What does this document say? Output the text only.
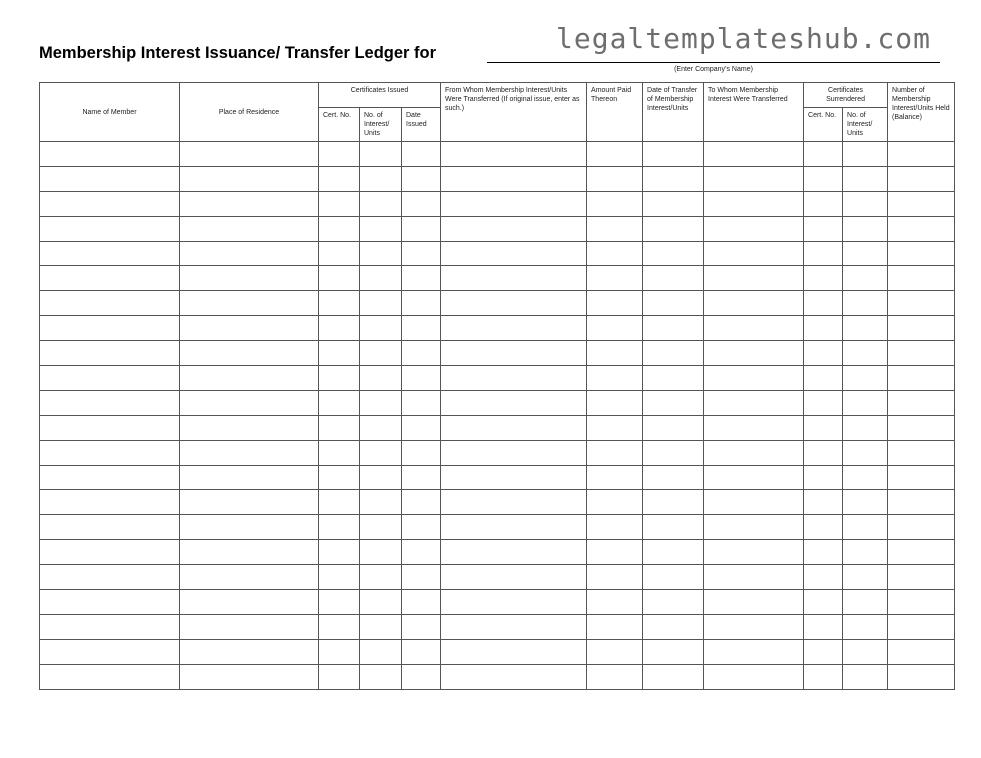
legaltemplateshub.com
Membership Interest Issuance/ Transfer Ledger for
(Enter Company’s Name)
Name of Member	Place of Residence	Certificates Issued			From Whom Membership Interest/Units Were Transferred (If original issue, enter as such.)	Amount Paid Thereon	Date of Transfer of Membership Interest/Units	To Whom Membership Interest Were Transferred	Certificates Surrendered		Number of Membership Interest/Units Held (Balance)
		Cert. No.	No. of Interest/ Units	Date Issued					Cert. No.	No. of Interest/ Units	
